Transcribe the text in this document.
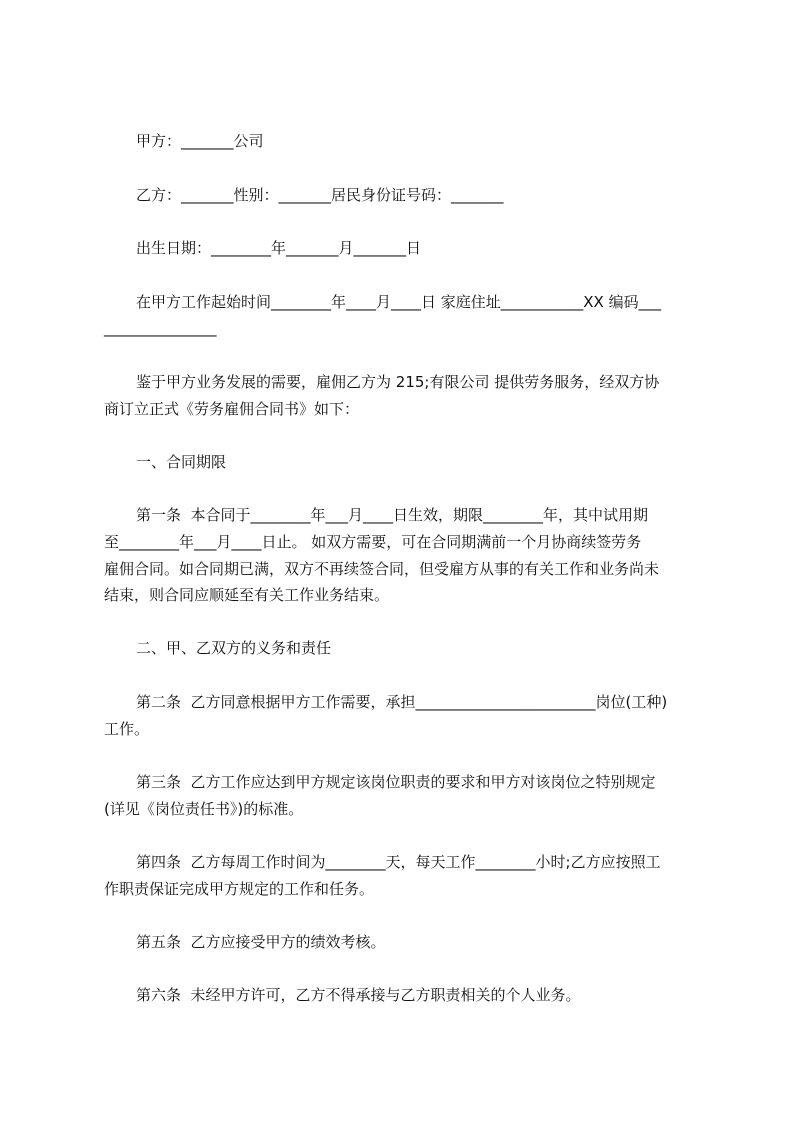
甲方：_______公司

乙方：_______性别：_______居民身份证号码：_______

出生日期：________年_______月_______日

在甲方工作起始时间________年____月____日 家庭住址___________XX 编码___

_______________

鉴于甲方业务发展的需要，雇佣乙方为 215;有限公司 提供劳务服务，经双方协

商订立正式《劳务雇佣合同书》如下：

一、合同期限

第一条  本合同于________年___月____日生效，期限________年，其中试用期

至________年___月____日止。 如双方需要，可在合同期满前一个月协商续签劳务

雇佣合同。如合同期已满，双方不再续签合同，但受雇方从事的有关工作和业务尚未

结束，则合同应顺延至有关工作业务结束。

二、甲、乙双方的义务和责任

第二条  乙方同意根据甲方工作需要，承担________________________岗位(工种)

工作。

第三条  乙方工作应达到甲方规定该岗位职责的要求和甲方对该岗位之特别规定

(详见《岗位责任书》)的标准。

第四条  乙方每周工作时间为________天，每天工作________小时;乙方应按照工

作职责保证完成甲方规定的工作和任务。

第五条  乙方应接受甲方的绩效考核。

第六条  未经甲方许可，乙方不得承接与乙方职责相关的个人业务。
